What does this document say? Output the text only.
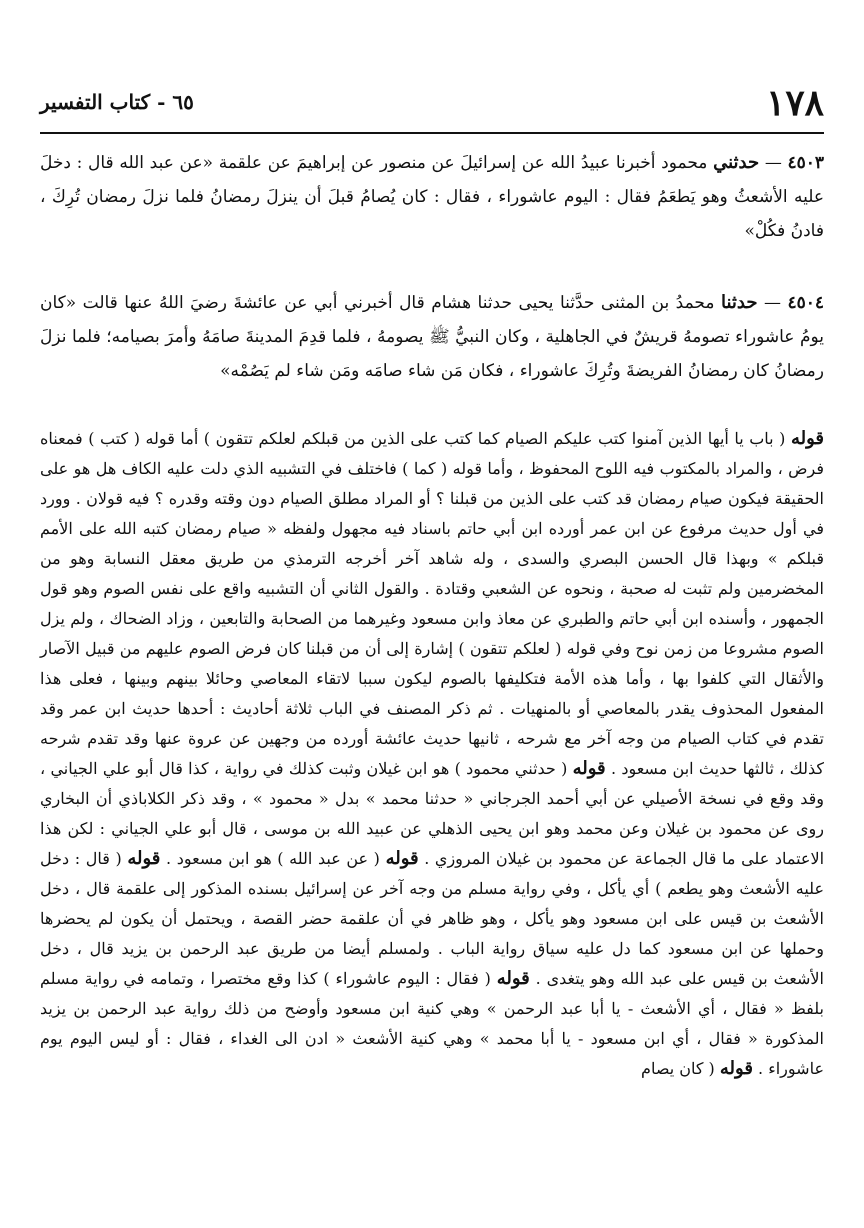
١٧٨
٦٥ - كتاب التفسير

٤٥٠٣ — حدثني محمود أخبرنا عبيدُ الله عن إسرائيلَ عن منصور عن إبراهيمَ عن علقمة «عن عبد الله قال : دخلَ عليه الأشعثُ وهو يَطعَمُ فقال : اليوم عاشوراء ، فقال : كان يُصامُ قبلَ أن ينزلَ رمضانُ فلما نزلَ رمضان تُرِكَ ، فادنُ فكُلْ»

٤٥٠٤ — حدثنا محمدُ بن المثنى حدَّثنا يحيى حدثنا هشام قال أخبرني أبي عن عائشةَ رضيَ اللهُ عنها قالت «كان يومُ عاشوراء تصومهُ قريشٌ في الجاهلية ، وكان النبيُّ ﷺ يصومهُ ، فلما قدِمَ المدينةَ صامَهُ وأمرَ بصيامه؛ فلما نزلَ رمضانُ كان رمضانُ الفريضةَ وتُرِكَ عاشوراء ، فكان مَن شاء صامَه ومَن شاء لم يَصُمْه»

قوله ( باب يا أيها الذين آمنوا كتب عليكم الصيام كما كتب على الذين من قبلكم لعلكم تتقون ) أما قوله ( كتب ) فمعناه فرض ، والمراد بالمكتوب فيه اللوح المحفوظ ، وأما قوله ( كما ) فاختلف في التشبيه الذي دلت عليه الكاف هل هو على الحقيقة فيكون صيام رمضان قد كتب على الذين من قبلنا ؟ أو المراد مطلق الصيام دون وقته وقدره ؟ فيه قولان . وورد في أول حديث مرفوع عن ابن عمر أورده ابن أبي حاتم باسناد فيه مجهول ولفظه « صيام رمضان كتبه الله على الأمم قبلكم » وبهذا قال الحسن البصري والسدى ، وله شاهد آخر أخرجه الترمذي من طريق معقل النسابة وهو من المخضرمين ولم تثبت له صحبة ، ونحوه عن الشعبي وقتادة . والقول الثاني أن التشبيه واقع على نفس الصوم وهو قول الجمهور ، وأسنده ابن أبي حاتم والطبري عن معاذ وابن مسعود وغيرهما من الصحابة والتابعين ، وزاد الضحاك ، ولم يزل الصوم مشروعا من زمن نوح وفي قوله ( لعلكم تتقون ) إشارة إلى أن من قبلنا كان فرض الصوم عليهم من قبيل الآصار والأثقال التي كلفوا بها ، وأما هذه الأمة فتكليفها بالصوم ليكون سببا لاتقاء المعاصي وحائلا بينهم وبينها ، فعلى هذا المفعول المحذوف يقدر بالمعاصي أو بالمنهيات . ثم ذكر المصنف في الباب ثلاثة أحاديث : أحدها حديث ابن عمر وقد تقدم في كتاب الصيام من وجه آخر مع شرحه ، ثانيها حديث عائشة أورده من وجهين عن عروة عنها وقد تقدم شرحه كذلك ، ثالثها حديث ابن مسعود . قوله ( حدثني محمود ) هو ابن غيلان وثبت كذلك في رواية ، كذا قال أبو علي الجياني ، وقد وقع في نسخة الأصيلي عن أبي أحمد الجرجاني « حدثنا محمد » بدل « محمود » ، وقد ذكر الكلاباذي أن البخاري روى عن محمود بن غيلان وعن محمد وهو ابن يحيى الذهلي عن عبيد الله بن موسى ، قال أبو علي الجياني : لكن هذا الاعتماد على ما قال الجماعة عن محمود بن غيلان المروزي . قوله ( عن عبد الله ) هو ابن مسعود . قوله ( قال : دخل عليه الأشعث وهو يطعم ) أي يأكل ، وفي رواية مسلم من وجه آخر عن إسرائيل بسنده المذكور إلى علقمة قال ، دخل الأشعث بن قيس على ابن مسعود وهو يأكل ، وهو ظاهر في أن علقمة حضر القصة ، ويحتمل أن يكون لم يحضرها وحملها عن ابن مسعود كما دل عليه سياق رواية الباب . ولمسلم أيضا من طريق عبد الرحمن بن يزيد قال ، دخل الأشعث بن قيس على عبد الله وهو يتغدى . قوله ( فقال : اليوم عاشوراء ) كذا وقع مختصرا ، وتمامه في رواية مسلم بلفظ « فقال ، أي الأشعث - يا أبا عبد الرحمن » وهي كنية ابن مسعود وأوضح من ذلك رواية عبد الرحمن بن يزيد المذكورة « فقال ، أي ابن مسعود - يا أبا محمد » وهي كنية الأشعث « ادن الى الغداء ، فقال : أو ليس اليوم يوم عاشوراء . قوله ( كان يصام
